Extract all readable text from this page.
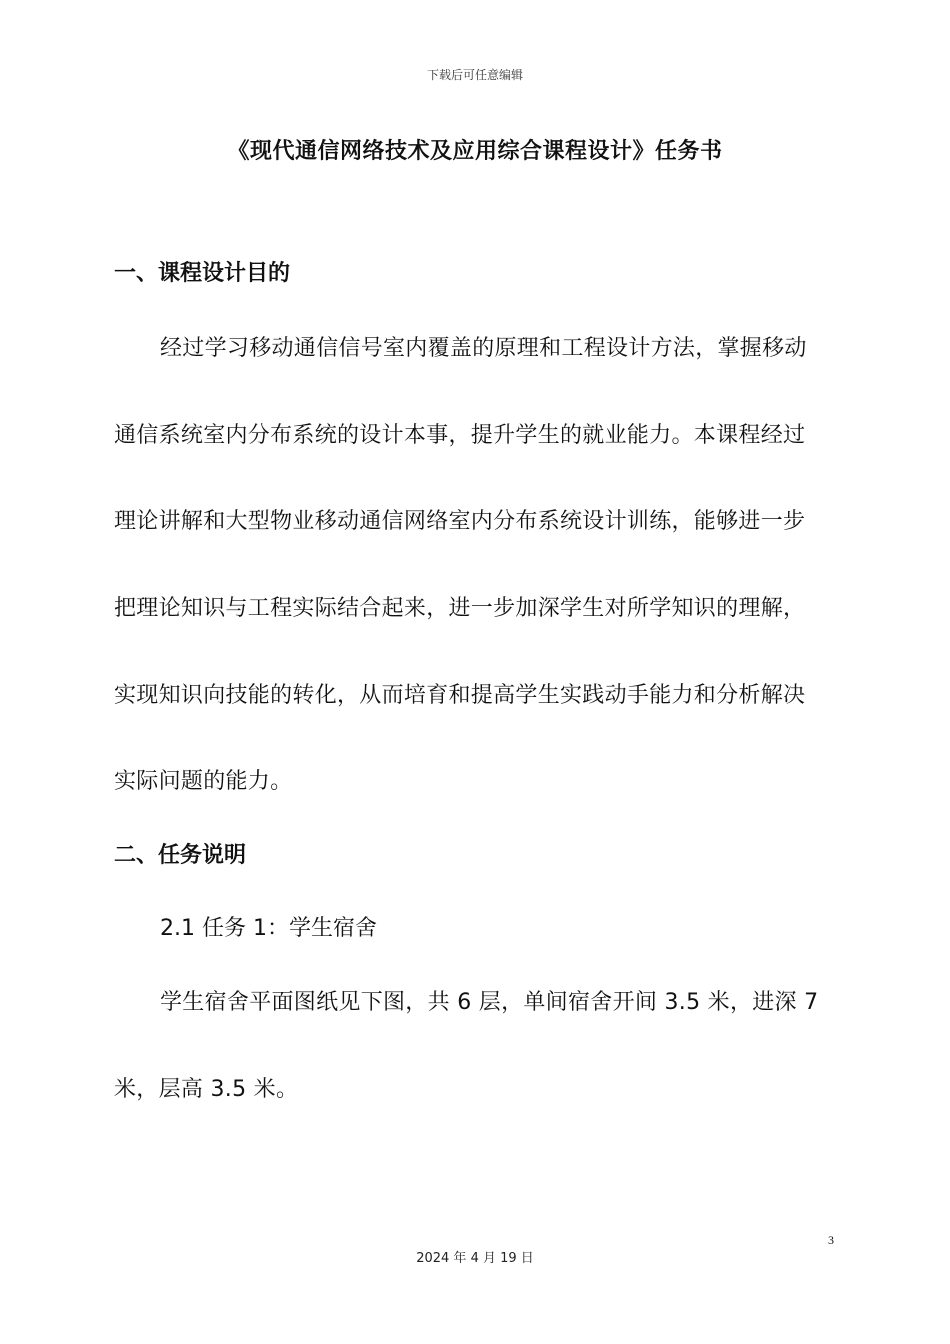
下载后可任意编辑
《现代通信网络技术及应用综合课程设计》任务书
一、课程设计目的
经过学习移动通信信号室内覆盖的原理和工程设计方法，掌握移动
通信系统室内分布系统的设计本事，提升学生的就业能力。本课程经过
理论讲解和大型物业移动通信网络室内分布系统设计训练，能够进一步
把理论知识与工程实际结合起来，进一步加深学生对所学知识的理解，
实现知识向技能的转化，从而培育和提高学生实践动手能力和分析解决
实际问题的能力。
二、任务说明
2.1 任务 1：学生宿舍
学生宿舍平面图纸见下图，共 6 层，单间宿舍开间 3.5 米，进深 7
米，层高 3.5 米。
3
2024 年 4 月 19 日
